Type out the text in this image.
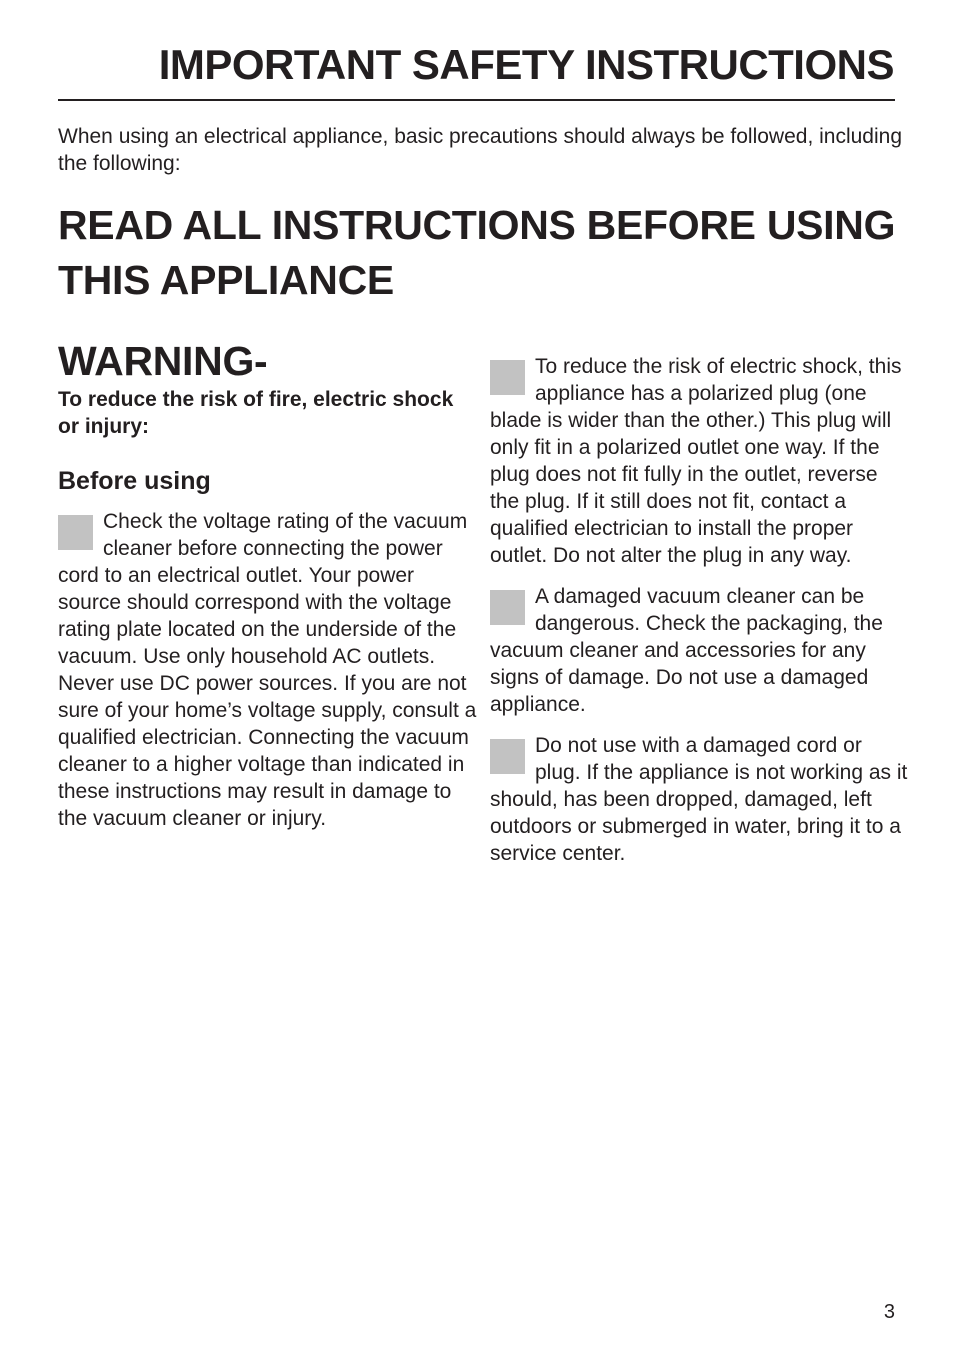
IMPORTANT SAFETY INSTRUCTIONS

When using an electrical appliance, basic precautions should always be followed, including the following:

READ ALL INSTRUCTIONS BEFORE USING THIS APPLIANCE
WARNING-

To reduce the risk of fire, electric shock or injury:

Before using

Check the voltage rating of the vacuum cleaner before connecting the power cord to an electrical outlet. Your power source should correspond with the voltage rating plate located on the underside of the vacuum. Use only household AC outlets. Never use DC power sources. If you are not sure of your home’s voltage supply, consult a qualified electrician. Connecting the vacuum cleaner to a higher voltage than indicated in these instructions may result in damage to the vacuum cleaner or injury.

To reduce the risk of electric shock, this appliance has a polarized plug (one blade is wider than the other.) This plug will only fit in a polarized outlet one way. If the plug does not fit fully in the outlet, reverse the plug. If it still does not fit, contact a qualified electrician to install the proper outlet. Do not alter the plug in any way.

A damaged vacuum cleaner can be dangerous. Check the packaging, the vacuum cleaner and accessories for any signs of damage. Do not use a damaged appliance.

Do not use with a damaged cord or plug. If the appliance is not working as it should, has been dropped, damaged, left outdoors or submerged in water, bring it to a service center.

3
